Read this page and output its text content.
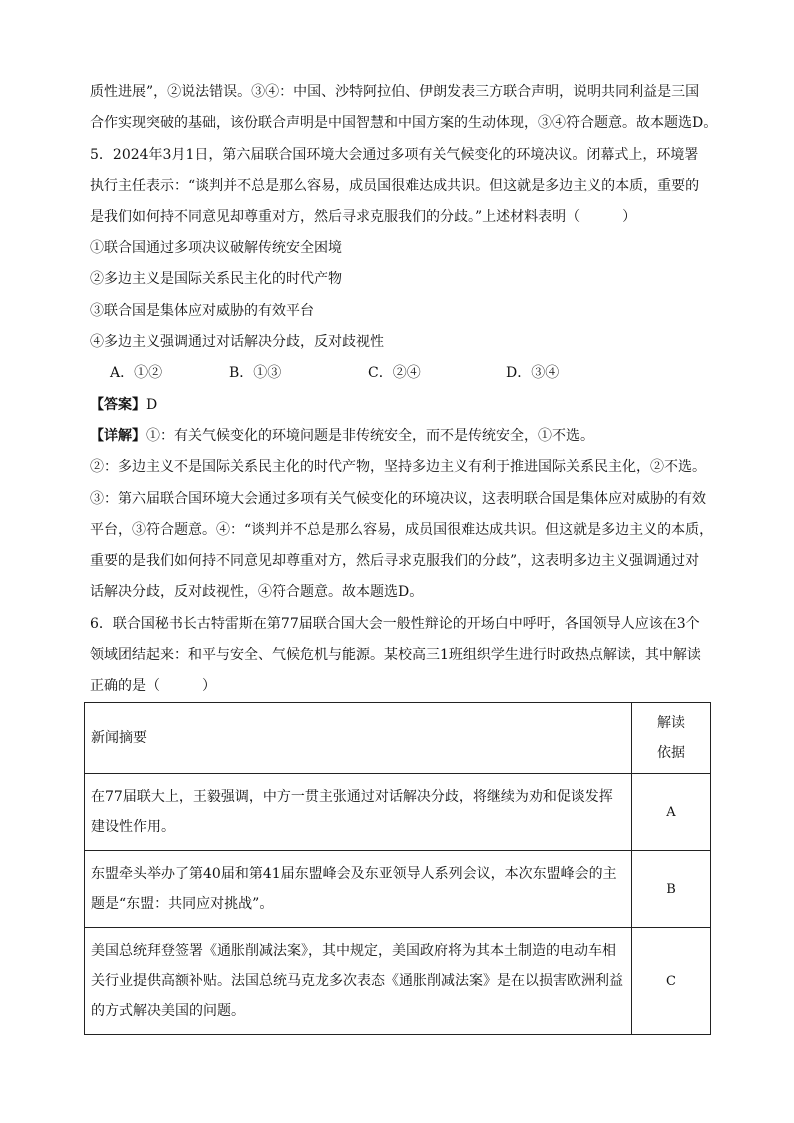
质性进展”，②说法错误。③④：中国、沙特阿拉伯、伊朗发表三方联合声明，说明共同利益是三国
合作实现突破的基础，该份联合声明是中国智慧和中国方案的生动体现，③④符合题意。故本题选D。
5．2024年3月1日，第六届联合国环境大会通过多项有关气候变化的环境决议。闭幕式上，环境署
执行主任表示：“谈判并不总是那么容易，成员国很难达成共识。但这就是多边主义的本质，重要的
是我们如何持不同意见却尊重对方，然后寻求克服我们的分歧。”上述材料表明（　　　）
①联合国通过多项决议破解传统安全困境
②多边主义是国际关系民主化的时代产物
③联合国是集体应对威胁的有效平台
④多边主义强调通过对话解决分歧，反对歧视性
A．①②	B．①③	C．②④	D．③④
【答案】D
【详解】①：有关气候变化的环境问题是非传统安全，而不是传统安全，①不选。
②：多边主义不是国际关系民主化的时代产物，坚持多边主义有利于推进国际关系民主化，②不选。
③：第六届联合国环境大会通过多项有关气候变化的环境决议，这表明联合国是集体应对威胁的有效
平台，③符合题意。④：“谈判并不总是那么容易，成员国很难达成共识。但这就是多边主义的本质，
重要的是我们如何持不同意见却尊重对方，然后寻求克服我们的分歧”，这表明多边主义强调通过对
话解决分歧，反对歧视性，④符合题意。故本题选D。
6．联合国秘书长古特雷斯在第77届联合国大会一般性辩论的开场白中呼吁，各国领导人应该在3个
领域团结起来：和平与安全、气候危机与能源。某校高三1班组织学生进行时政热点解读，其中解读
正确的是（　　　）
新闻摘要	解读
依据

在77届联大上，王毅强调，中方一贯主张通过对话解决分歧，将继续为劝和促谈发挥建设性作用。	A
东盟牵头举办了第40届和第41届东盟峰会及东亚领导人系列会议，本次东盟峰会的主题是“东盟：共同应对挑战”。	B
美国总统拜登签署《通胀削减法案》，其中规定，美国政府将为其本土制造的电动车相关行业提供高额补贴。法国总统马克龙多次表态《通胀削减法案》是在以损害欧洲利益的方式解决美国的问题。	C
